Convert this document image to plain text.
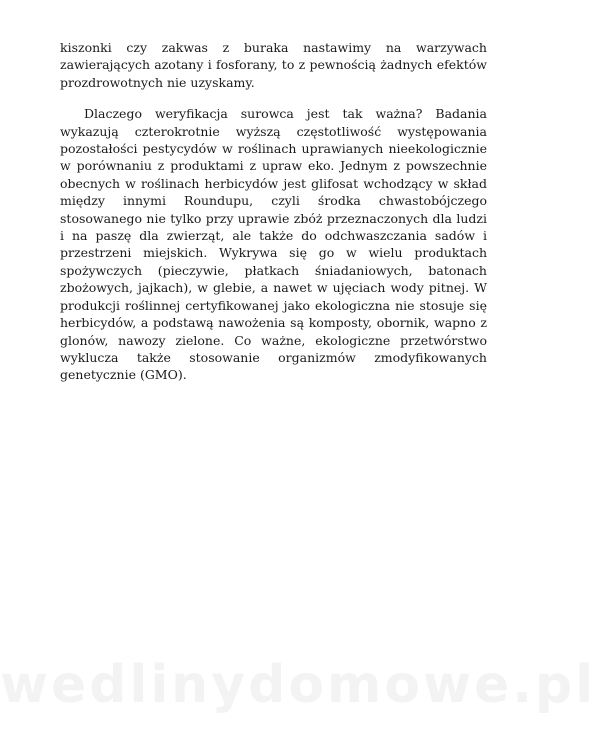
kiszonki czy zakwas z buraka nastawimy na warzywach zawierających azotany i fosforany, to z pewnością żadnych efektów prozdrowotnych nie uzyskamy.

Dlaczego weryfikacja surowca jest tak ważna? Badania wykazują czterokrotnie wyższą częstotliwość występowania pozostałości pestycydów w roślinach uprawianych nieekologicznie w porównaniu z produktami z upraw eko. Jednym z powszechnie obecnych w roślinach herbicydów jest glifosat wchodzący w skład między innymi Roundupu, czyli środka chwastobójczego stosowanego nie tylko przy uprawie zbóż przeznaczonych dla ludzi i na paszę dla zwierząt, ale także do odchwaszczania sadów i przestrzeni miejskich. Wykrywa się go w wielu produktach spożywczych (pieczywie, płatkach śniadaniowych, batonach zbożowych, jajkach), w glebie, a nawet w ujęciach wody pitnej. W produkcji roślinnej certyfikowanej jako ekologiczna nie stosuje się herbicydów, a podstawą nawożenia są komposty, obornik, wapno z glonów, nawozy zielone. Co ważne, ekologiczne przetwórstwo wyklucza także stosowanie organizmów zmodyfikowanych genetycznie (GMO).

wedlinydomowe.pl
